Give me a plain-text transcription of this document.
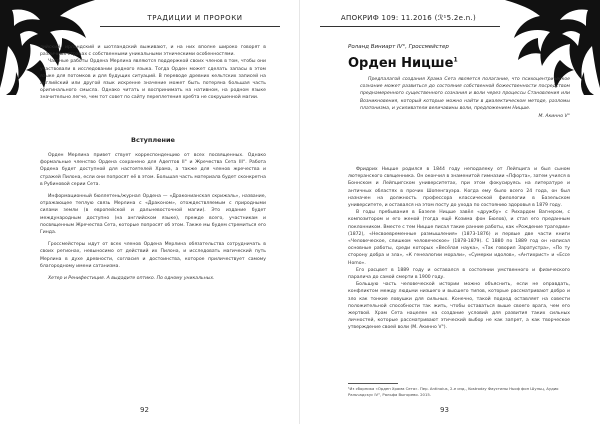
ТРАДИЦИИ И ПРОРОКИ

лийский, ирландский и шотландский выживают, и на них вполне широко говорят в различных странах с собственными уникальными этническими особенностями.

Частные работы Ордена Мерлина являются поддержкой своих членов в том, чтобы они участвовали в исследовании родного языка. Тогда Орден может сделать запасы в этом языке для потомков и для будущих ситуаций. В переводе древних кельтских записей на английский или другой язык искренне значение может быть потеряна большая часть оригинального смысла. Однако читать и воспринимать на нативном, на родном языке значительно легче, чем тот совет по сайту переплетения хребта не сокрушенной магии.

Вступление

Орден Мерлина привет ствует корреспонденцию от всех посвященных. Однако формальные членство Ордена сохранено для Адептов II° и Жречества Сета III°. Работа Ордена будет доступной для настоятелей Храма, а также для членов жречества и стражей Пилона, если они попросят её в этом. Большая часть материала будет сконкретна в Рубиновой серии Сета.

Информационный бюллетень/журнал Ордена — «Драконианская скрижаль», название, отражающее теплую связь Мерлина с «Драконом», отождествляемым с природными силами земли (в европейской и дальневосточной магии). Это издание будет международным доступно (на английском языке), прежде всего, участникам и посвященным Жречества Сета, которые попросят об этом. Также мы будем стремиться его Гинда.

Гроссмейстеры идут от всех членов Ордена Мерлина обязательства сотрудничать в своих регионах, невыносимо от действий их Пилона, и исследовать магический путь Мерлина в духе древности, согласия и достоинства, которое приличествует самому благородному имени сатанизма.

Хетер и Ренифестиция. А выдадите оптико. По одному уникальных.

92
АПОКРИФ 109: 11.2016 (ℛ¹5.2e.n.)
Роланд Виниарт IV°, Гроссмейстер
Орден Ницше$^1$

Предпалагой создания Храма Сета является полагание, что психоцентрическое сознание может развиться до состояния собственной божественности посредством преднамеренного существенного сознания и воли через процессы Становления или Возникновения, который которые можно найти в диалектическом методе, разломы платонизма, и усиливатели величавины воли, предложением Ницше.

М. Акинно V°

Фридрих Ницше родился в 1844 году неподалеку от Лейпцига и был сыном лютеранского священника. Он окончил в знаменитой гимназии «Пфорта», затем учился в Боннском и Лейпцигском университетах, при этом фокусируясь на литературе и античных областях в прочих Шопенгауэра. Когда ему было всего 24 года, он был назначен на должность профессора классической филологии в Базельском университете, и оставался на этом посту до ухода по состоянию здоровья в 1879 году.

В годы пребывания в Базеле Ницше завёл «дружбу» с Рихардом Вагнером, с композитором и его женой (тогда ещё Козима фон Бюлов), и стал его преданным поклонником. Вместе с тем Ницше писал такие ранние работы, как «Рождение трагедии» (1872), «Несвоевременные размышления» (1873-1876) и первые две части книги «Человеческое, слишком человеческое» (1878-1879). С 1880 по 1889 год он написал основные работы, среди которых «Весёлая наука», «Так говорил Заратустра», «По ту сторону добра и зла», «К генеалогии морали», «Сумерки идолов», «Антихрист» и «Ecce Homo».

Его расцвет в 1889 году и оставался в состоянии умственного и физического паралича до самой смерти в 1900 году.

Большую часть человеческой истории можно объяснить, если не оправдать, конфликтом между людьми низшего и высшего типов, которые рассматривают добро и зло как тонкие ловушки для сильных. Конечно, такой подход оставляет на совести положительной способности так жить, чтобы оставаться выше своего врага, чем его жертвой. Храм Сета нацелен на создание условий для развития таких сильных личностей, которые рассматривают этический выбор не как запрет, а как творческое утверждение своей воли (М. Акинно V°).

¹Из сборника «Орден Храма Сета». Пер. Antinoius, 2-е изд., Kostrodzy Фаустины Ньоф фон Шульц, Аудио Ральчадскус IV°, Ральфа Выгорево. 2015.
93
